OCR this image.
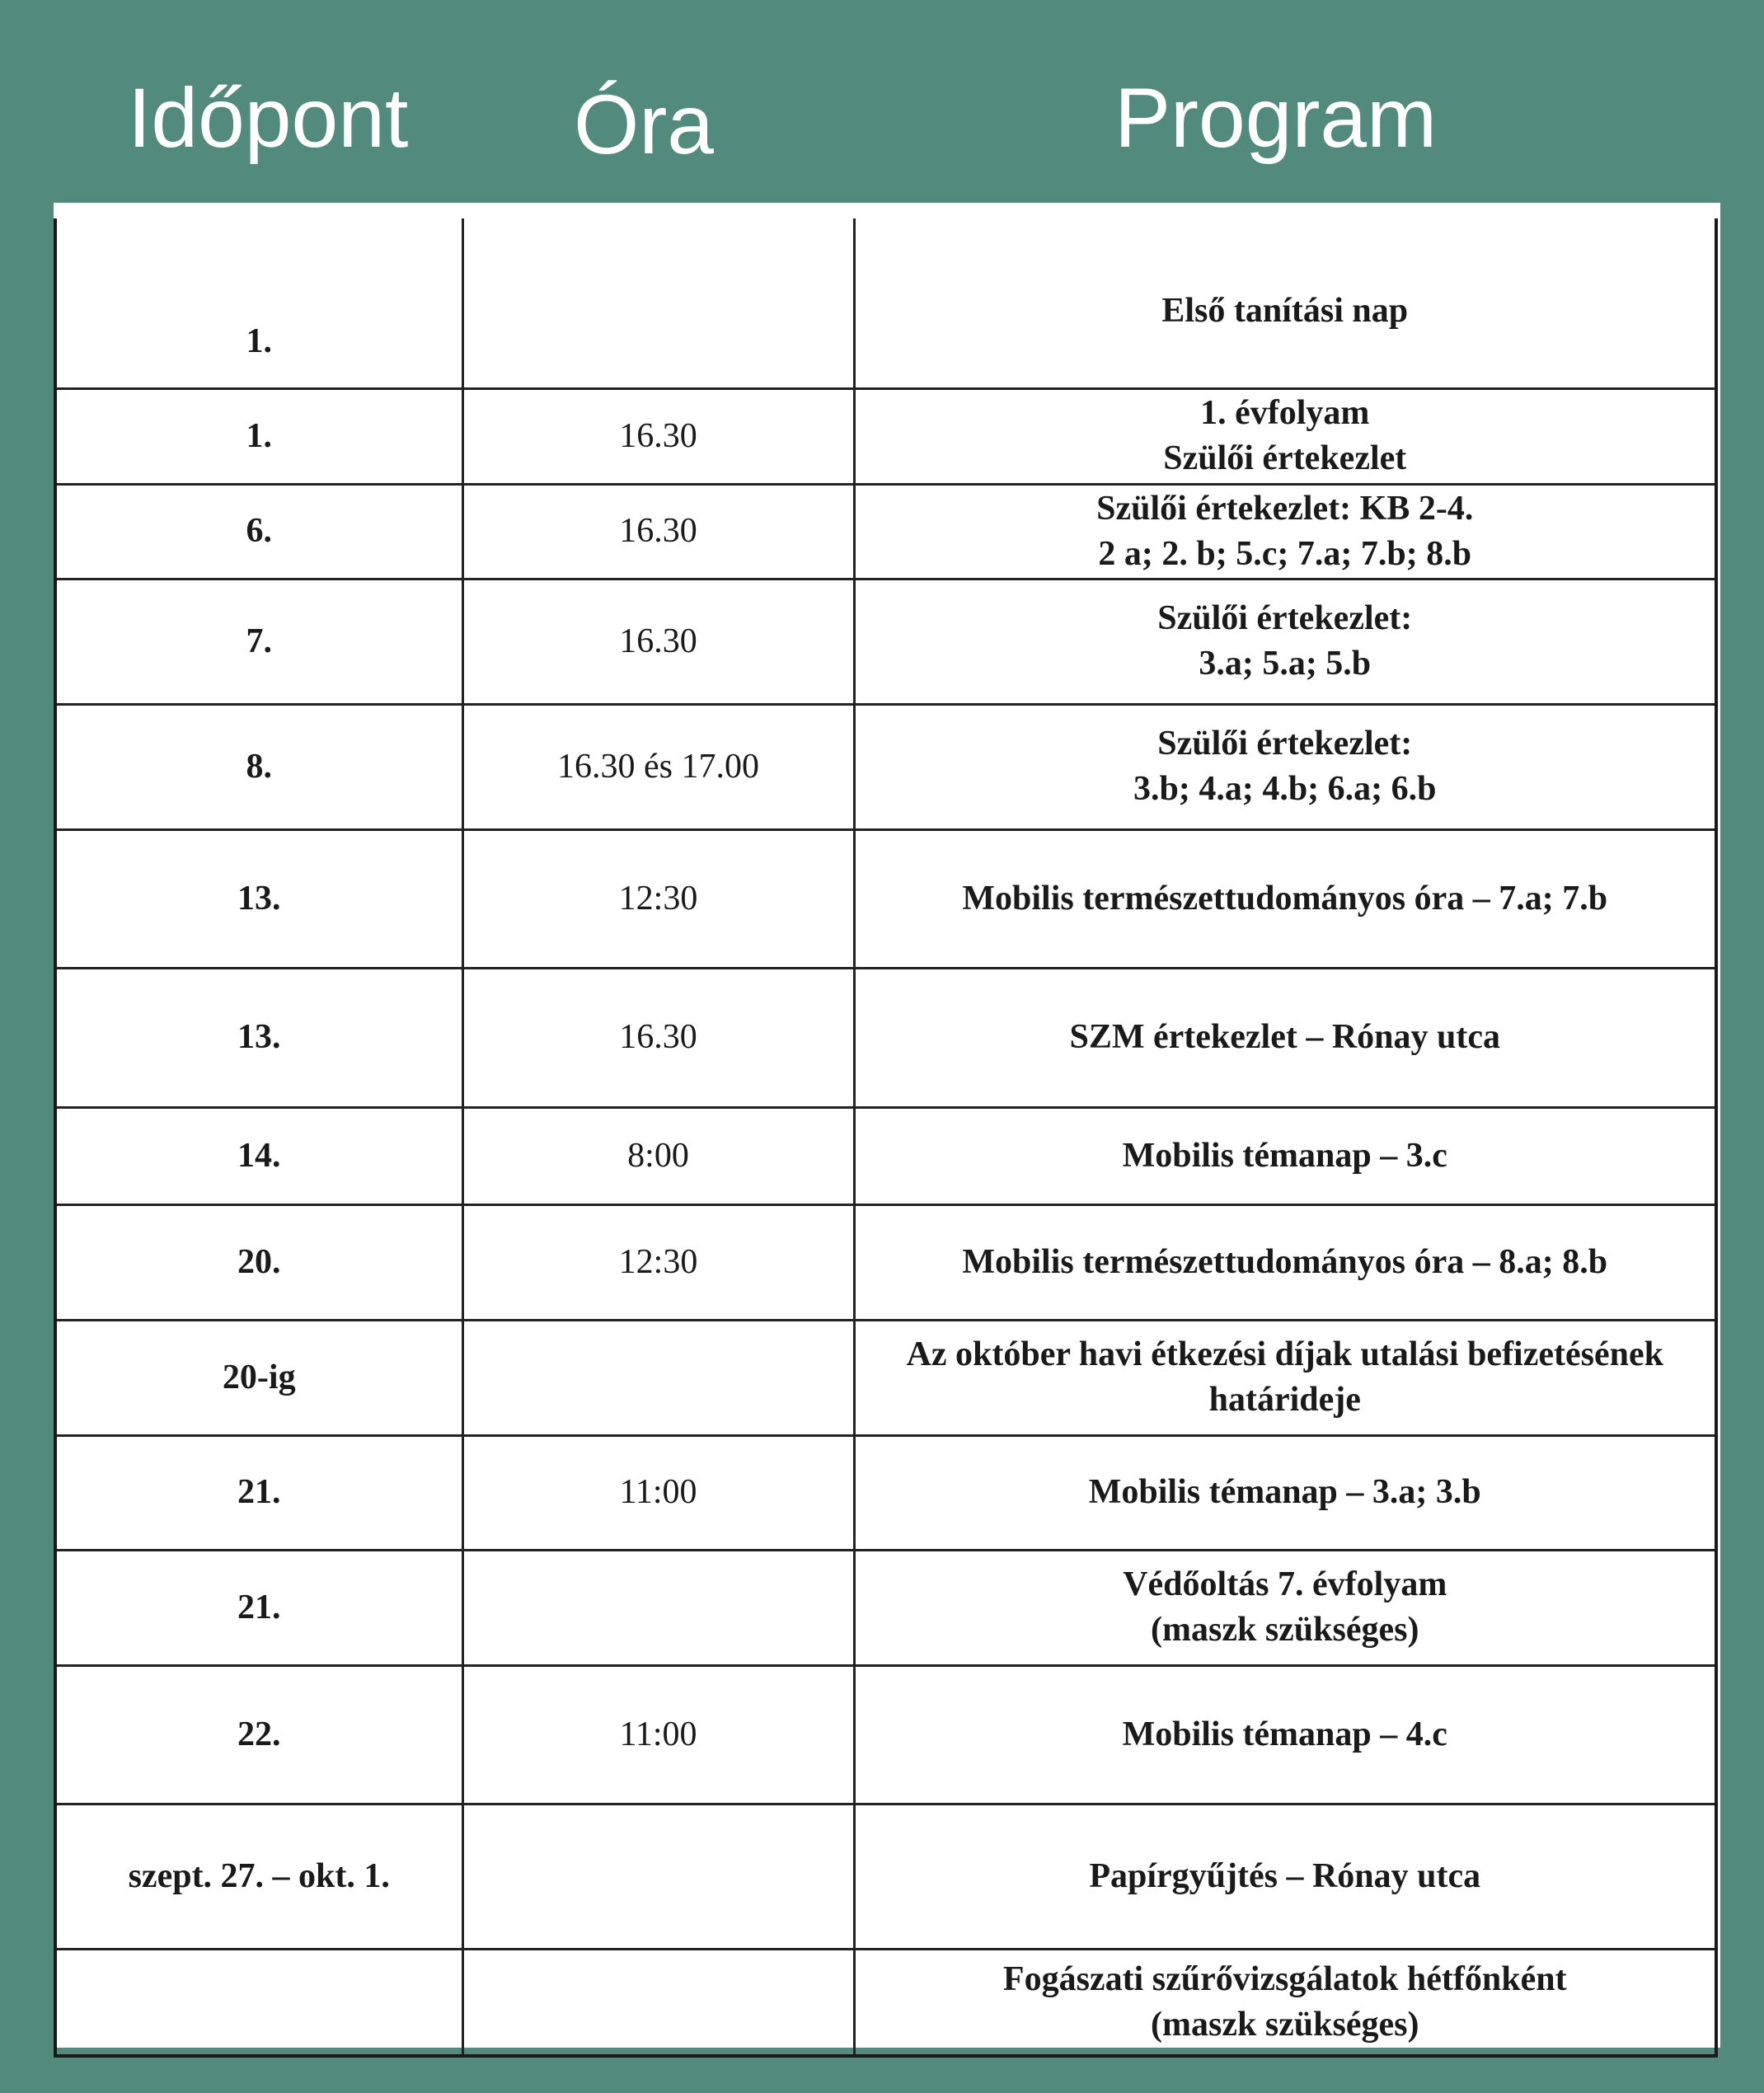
Időpont Óra	Program
1.		Első tanítási nap

1.	16.30	1. évfolyam
Szülői értekezlet

6.	16.30	Szülői értekezlet: KB 2-4.
2 a; 2. b; 5.c; 7.a; 7.b; 8.b

7.	16.30	Szülői értekezlet:
3.a; 5.a; 5.b

8.	16.30 és 17.00	Szülői értekezlet:
3.b; 4.a; 4.b; 6.a; 6.b

13.	12:30	Mobilis természettudományos óra – 7.a; 7.b

13.	16.30	SZM értekezlet – Rónay utca

14.	8:00	Mobilis témanap – 3.c

20.	12:30	Mobilis természettudományos óra – 8.a; 8.b

20-ig		Az október havi étkezési díjak utalási befizetésének
határideje

21.	11:00	Mobilis témanap – 3.a; 3.b

21.		Védőoltás 7. évfolyam
(maszk szükséges)

22.	11:00	Mobilis témanap – 4.c

szept. 27. – okt. 1.		Papírgyűjtés – Rónay utca

		Fogászati szűrővizsgálatok hétfőnként
(maszk szükséges)
